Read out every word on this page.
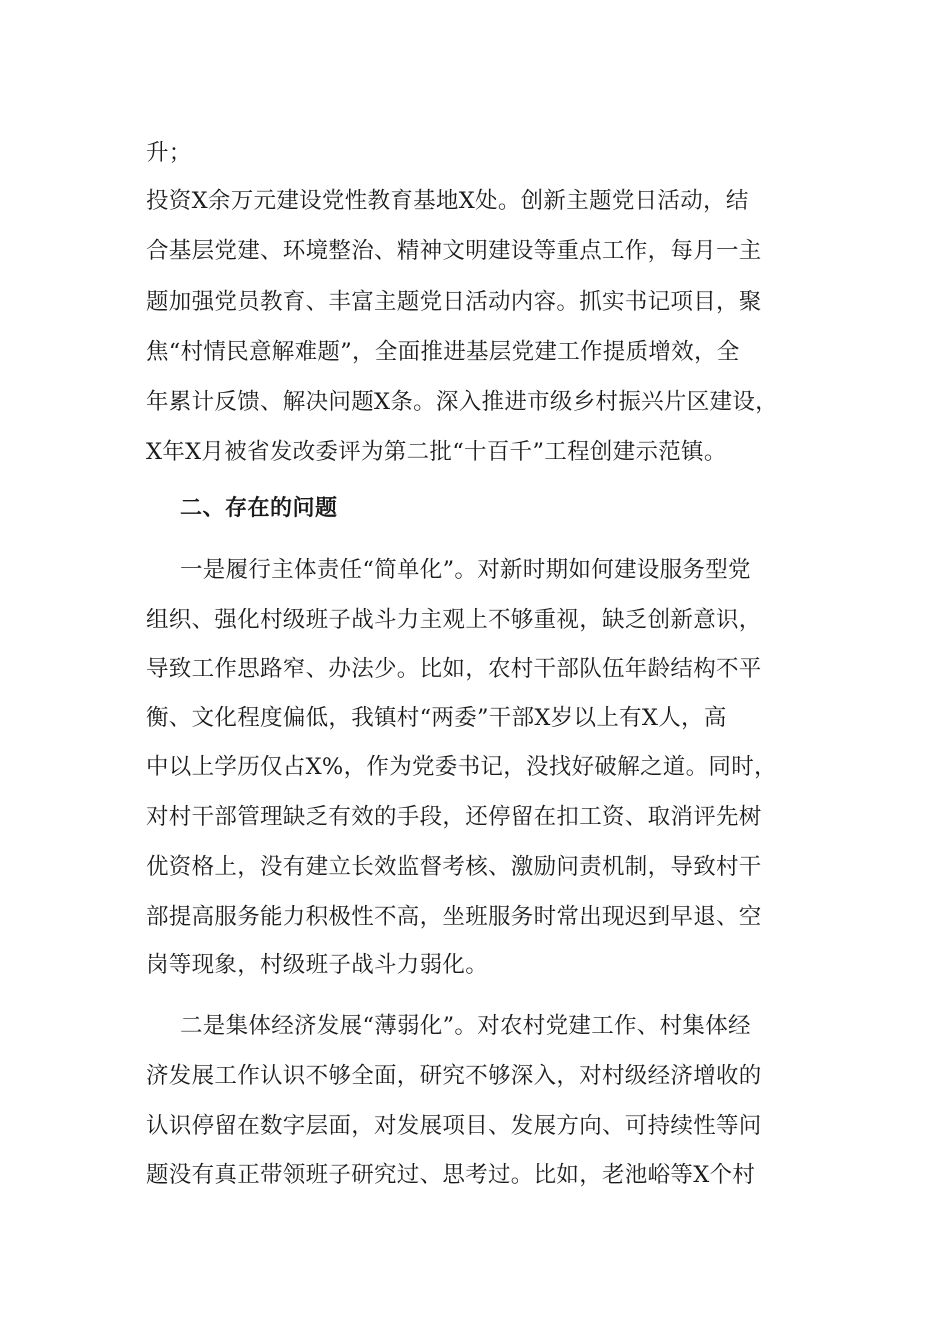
升；

投资X余万元建设党性教育基地X处。创新主题党日活动，结

合基层党建、环境整治、精神文明建设等重点工作，每月一主

题加强党员教育、丰富主题党日活动内容。抓实书记项目，聚

焦“村情民意解难题”，全面推进基层党建工作提质增效，全

年累计反馈、解决问题X条。深入推进市级乡村振兴片区建设，

X年X月被省发改委评为第二批“十百千”工程创建示范镇。

二、存在的问题

一是履行主体责任“简单化”。对新时期如何建设服务型党

组织、强化村级班子战斗力主观上不够重视，缺乏创新意识，

导致工作思路窄、办法少。比如，农村干部队伍年龄结构不平

衡、文化程度偏低，我镇村“两委”干部X岁以上有X人，高

中以上学历仅占X%，作为党委书记，没找好破解之道。同时，

对村干部管理缺乏有效的手段，还停留在扣工资、取消评先树

优资格上，没有建立长效监督考核、激励问责机制，导致村干

部提高服务能力积极性不高，坐班服务时常出现迟到早退、空

岗等现象，村级班子战斗力弱化。

二是集体经济发展“薄弱化”。对农村党建工作、村集体经

济发展工作认识不够全面，研究不够深入，对村级经济增收的

认识停留在数字层面，对发展项目、发展方向、可持续性等问

题没有真正带领班子研究过、思考过。比如，老池峪等X个村
